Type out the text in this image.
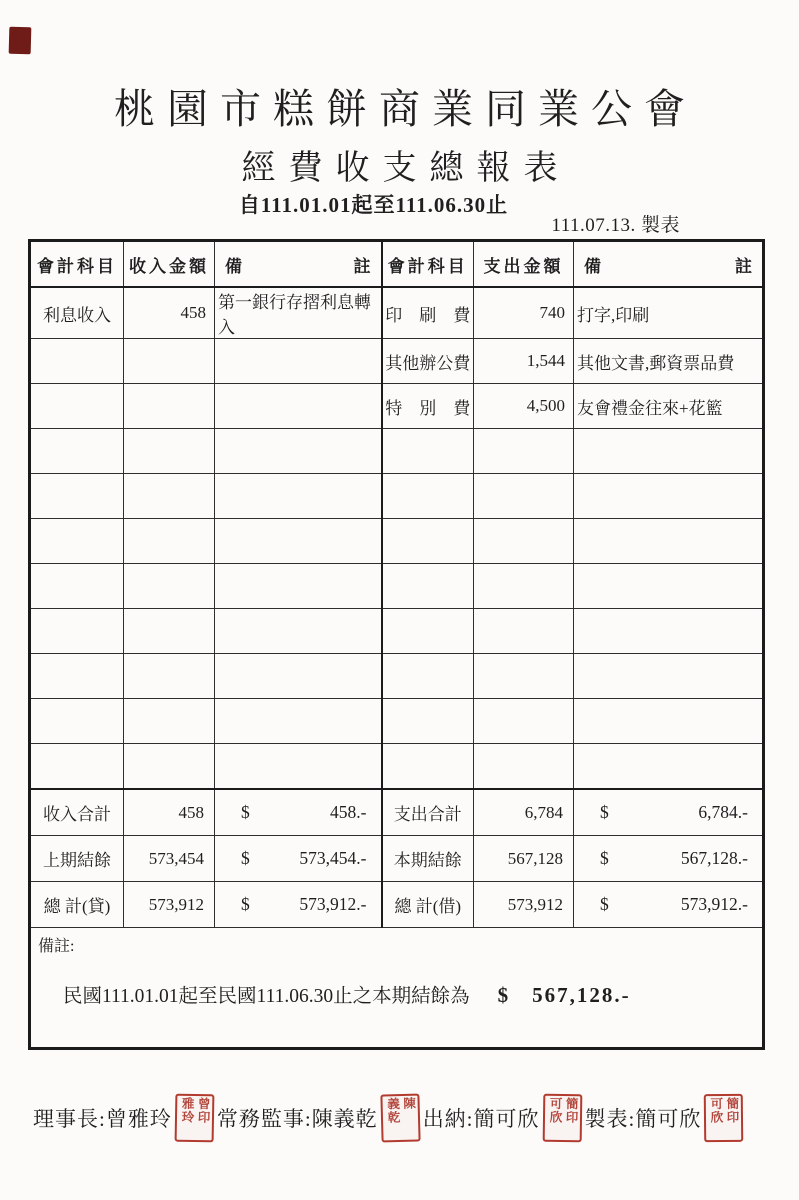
桃園市糕餅商業同業公會
經費收支總報表
自111.01.01起至111.06.30止
111.07.13. 製表
會計科目	收入金額	備 註	會計科目	支出金額	備 註

利息收入	458	第一銀行存摺利息轉入	印　刷　費	740	打字,印刷
			其他辦公費	1,544	其他文書,郵資票品費
			特　別　費	4,500	友會禮金往來+花籃

收入合計	458	$ 458.-	支出合計	6,784	$ 6,784.-

上期結餘	573,454	$ 573,454.-	本期結餘	567,128	$ 567,128.-

總 計(貸)	573,912	$ 573,912.-	總 計(借)	573,912	$ 573,912.-

備註:
民國111.01.01起至民國111.06.30止之本期結餘為 $ 567,128.-					
理事長: 曾雅玲 曾印
雅玲 常務監事: 陳義乾
陳
義乾 出納: 簡可欣 簡印
可欣 製表: 簡可欣 簡印
可欣
